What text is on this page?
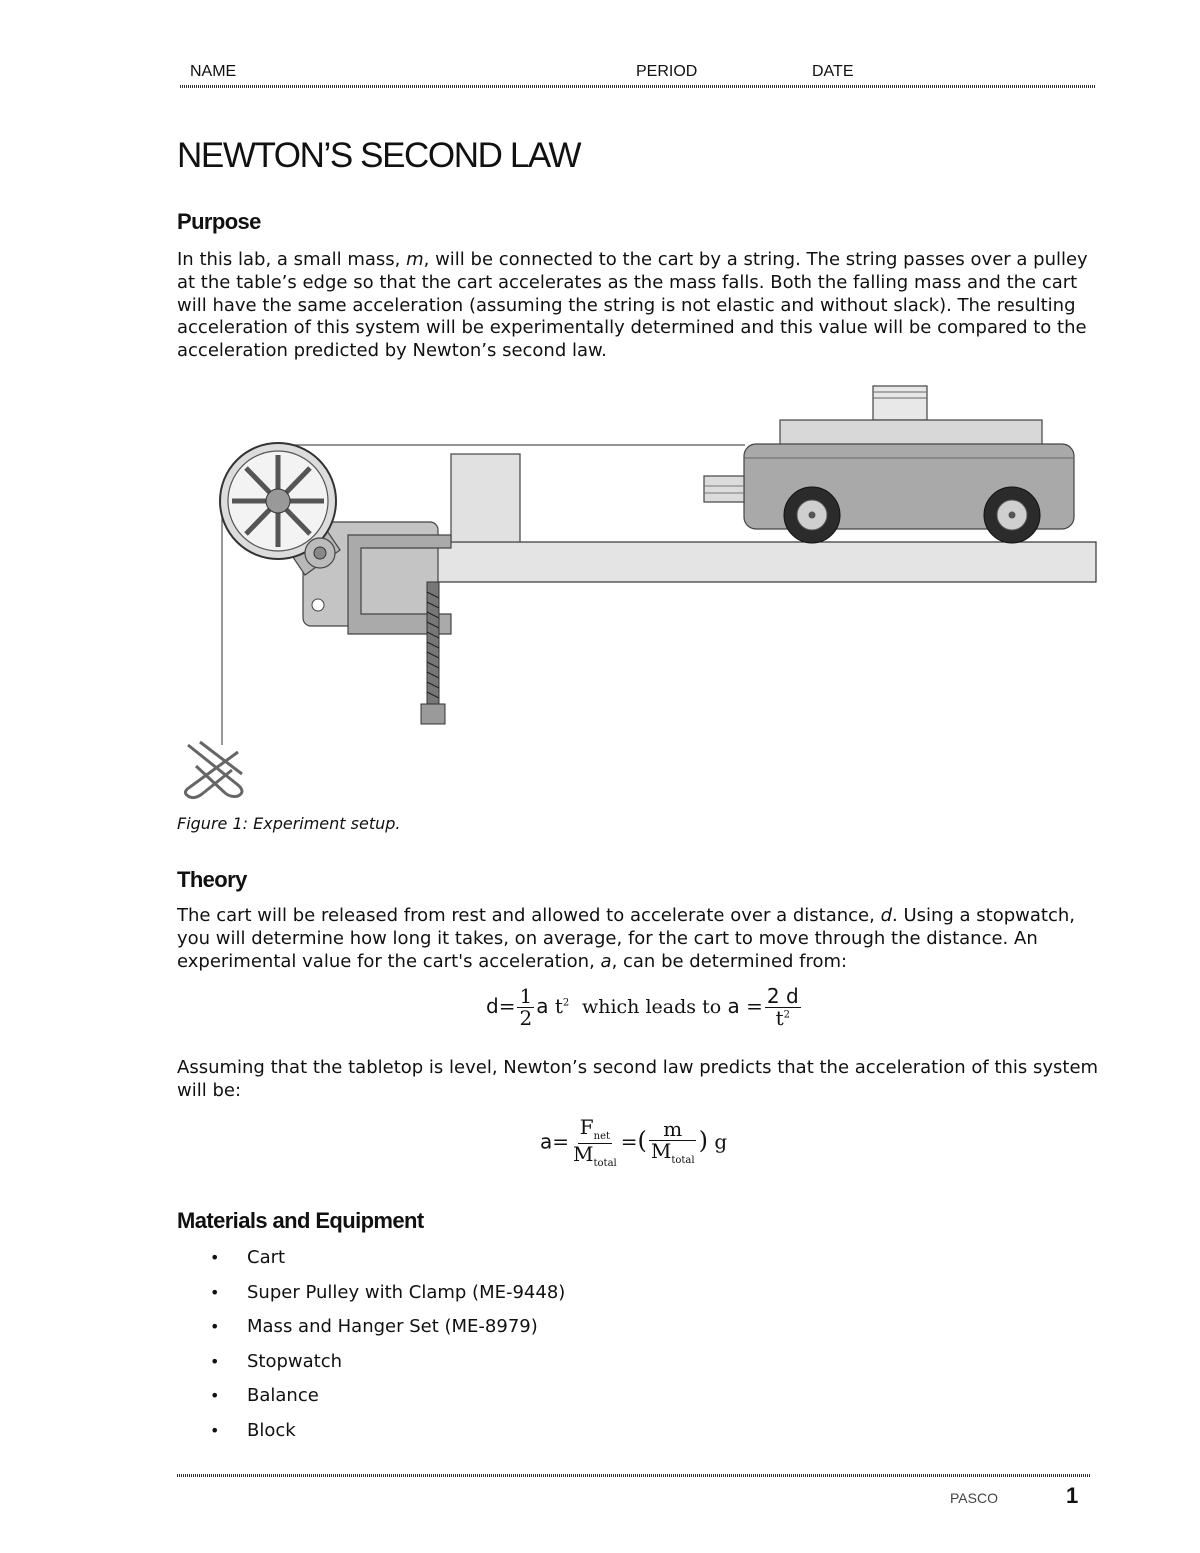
NAME	PERIOD	DATE
NEWTON’S SECOND LAW
Purpose

In this lab, a small mass, m, will be connected to the cart by a string. The string passes over a pulley at the table’s edge so that the cart accelerates as the mass falls. Both the falling mass and the cart will have the same acceleration (assuming the string is not elastic and without slack). The resulting acceleration of this system will be experimentally determined and this value will be compared to the acceleration predicted by Newton’s second law.

Figure 1: Experiment setup.
Theory

The cart will be released from rest and allowed to accelerate over a distance, d. Using a stopwatch, you will determine how long it takes, on average, for the cart to move through the distance. An experimental value for the cart's acceleration, a, can be determined from:

$d= \frac{1}{2}$ a $t^2$ which leads to $a = \frac{2 d}{t^2}$

Assuming that the tabletop is level, Newton’s second law predicts that the acceleration of this system will be:

$a= \frac{F_{net}}{M_{total}}$ =( $\frac{m}{M_{total}}$ ) g
Materials and Equipment
• Cart
• Super Pulley with Clamp (ME-9448)
• Mass and Hanger Set (ME-8979)
• Stopwatch
• Balance
• Block
PASCO	1
